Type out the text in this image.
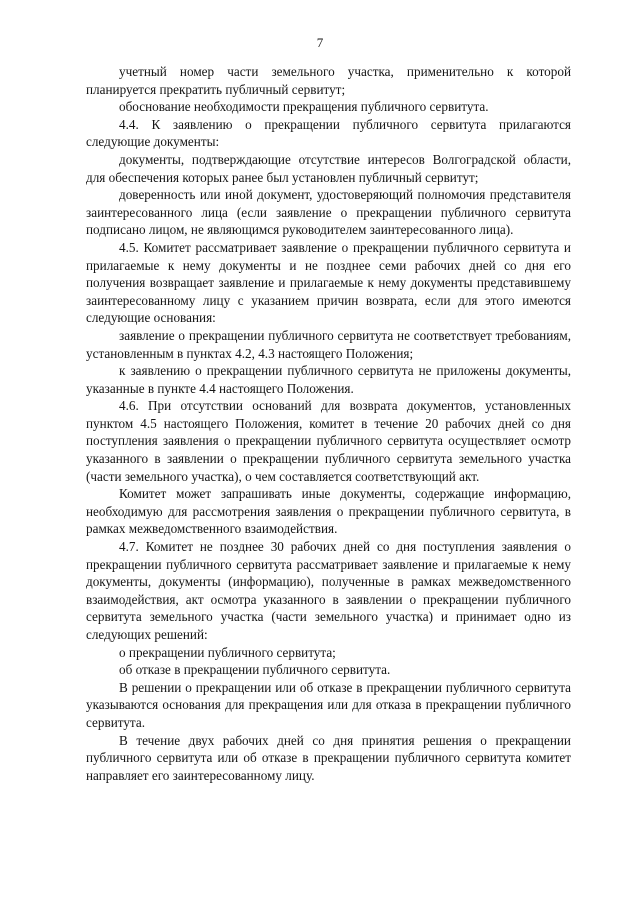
7

учетный номер части земельного участка, применительно к которой планируется прекратить публичный сервитут;

обоснование необходимости прекращения публичного сервитута.

4.4. К заявлению о прекращении публичного сервитута прилагаются следующие документы:

документы, подтверждающие отсутствие интересов Волгоградской области, для обеспечения которых ранее был установлен публичный сервитут;

доверенность или иной документ, удостоверяющий полномочия представителя заинтересованного лица (если заявление о прекращении публичного сервитута подписано лицом, не являющимся руководителем заинтересованного лица).

4.5. Комитет рассматривает заявление о прекращении публичного сервитута и прилагаемые к нему документы и не позднее семи рабочих дней со дня его получения возвращает заявление и прилагаемые к нему документы представившему заинтересованному лицу с указанием причин возврата, если для этого имеются следующие основания:

заявление о прекращении публичного сервитута не соответствует требованиям, установленным в пунктах 4.2, 4.3 настоящего Положения;

к заявлению о прекращении публичного сервитута не приложены документы, указанные в пункте 4.4 настоящего Положения.

4.6. При отсутствии оснований для возврата документов, установленных пунктом 4.5 настоящего Положения, комитет в течение 20 рабочих дней со дня поступления заявления о прекращении публичного сервитута осуществляет осмотр указанного в заявлении о прекращении публичного сервитута земельного участка (части земельного участка), о чем составляется соответствующий акт.

Комитет может запрашивать иные документы, содержащие информацию, необходимую для рассмотрения заявления о прекращении публичного сервитута, в рамках межведомственного взаимодействия.

4.7. Комитет не позднее 30 рабочих дней со дня поступления заявления о прекращении публичного сервитута рассматривает заявление и прилагаемые к нему документы, документы (информацию), полученные в рамках межведомственного взаимодействия, акт осмотра указанного в заявлении о прекращении публичного сервитута земельного участка (части земельного участка) и принимает одно из следующих решений:

о прекращении публичного сервитута;

об отказе в прекращении публичного сервитута.

В решении о прекращении или об отказе в прекращении публичного сервитута указываются основания для прекращения или для отказа в прекращении публичного сервитута.

В течение двух рабочих дней со дня принятия решения о прекращении публичного сервитута или об отказе в прекращении публичного сервитута комитет направляет его заинтересованному лицу.
